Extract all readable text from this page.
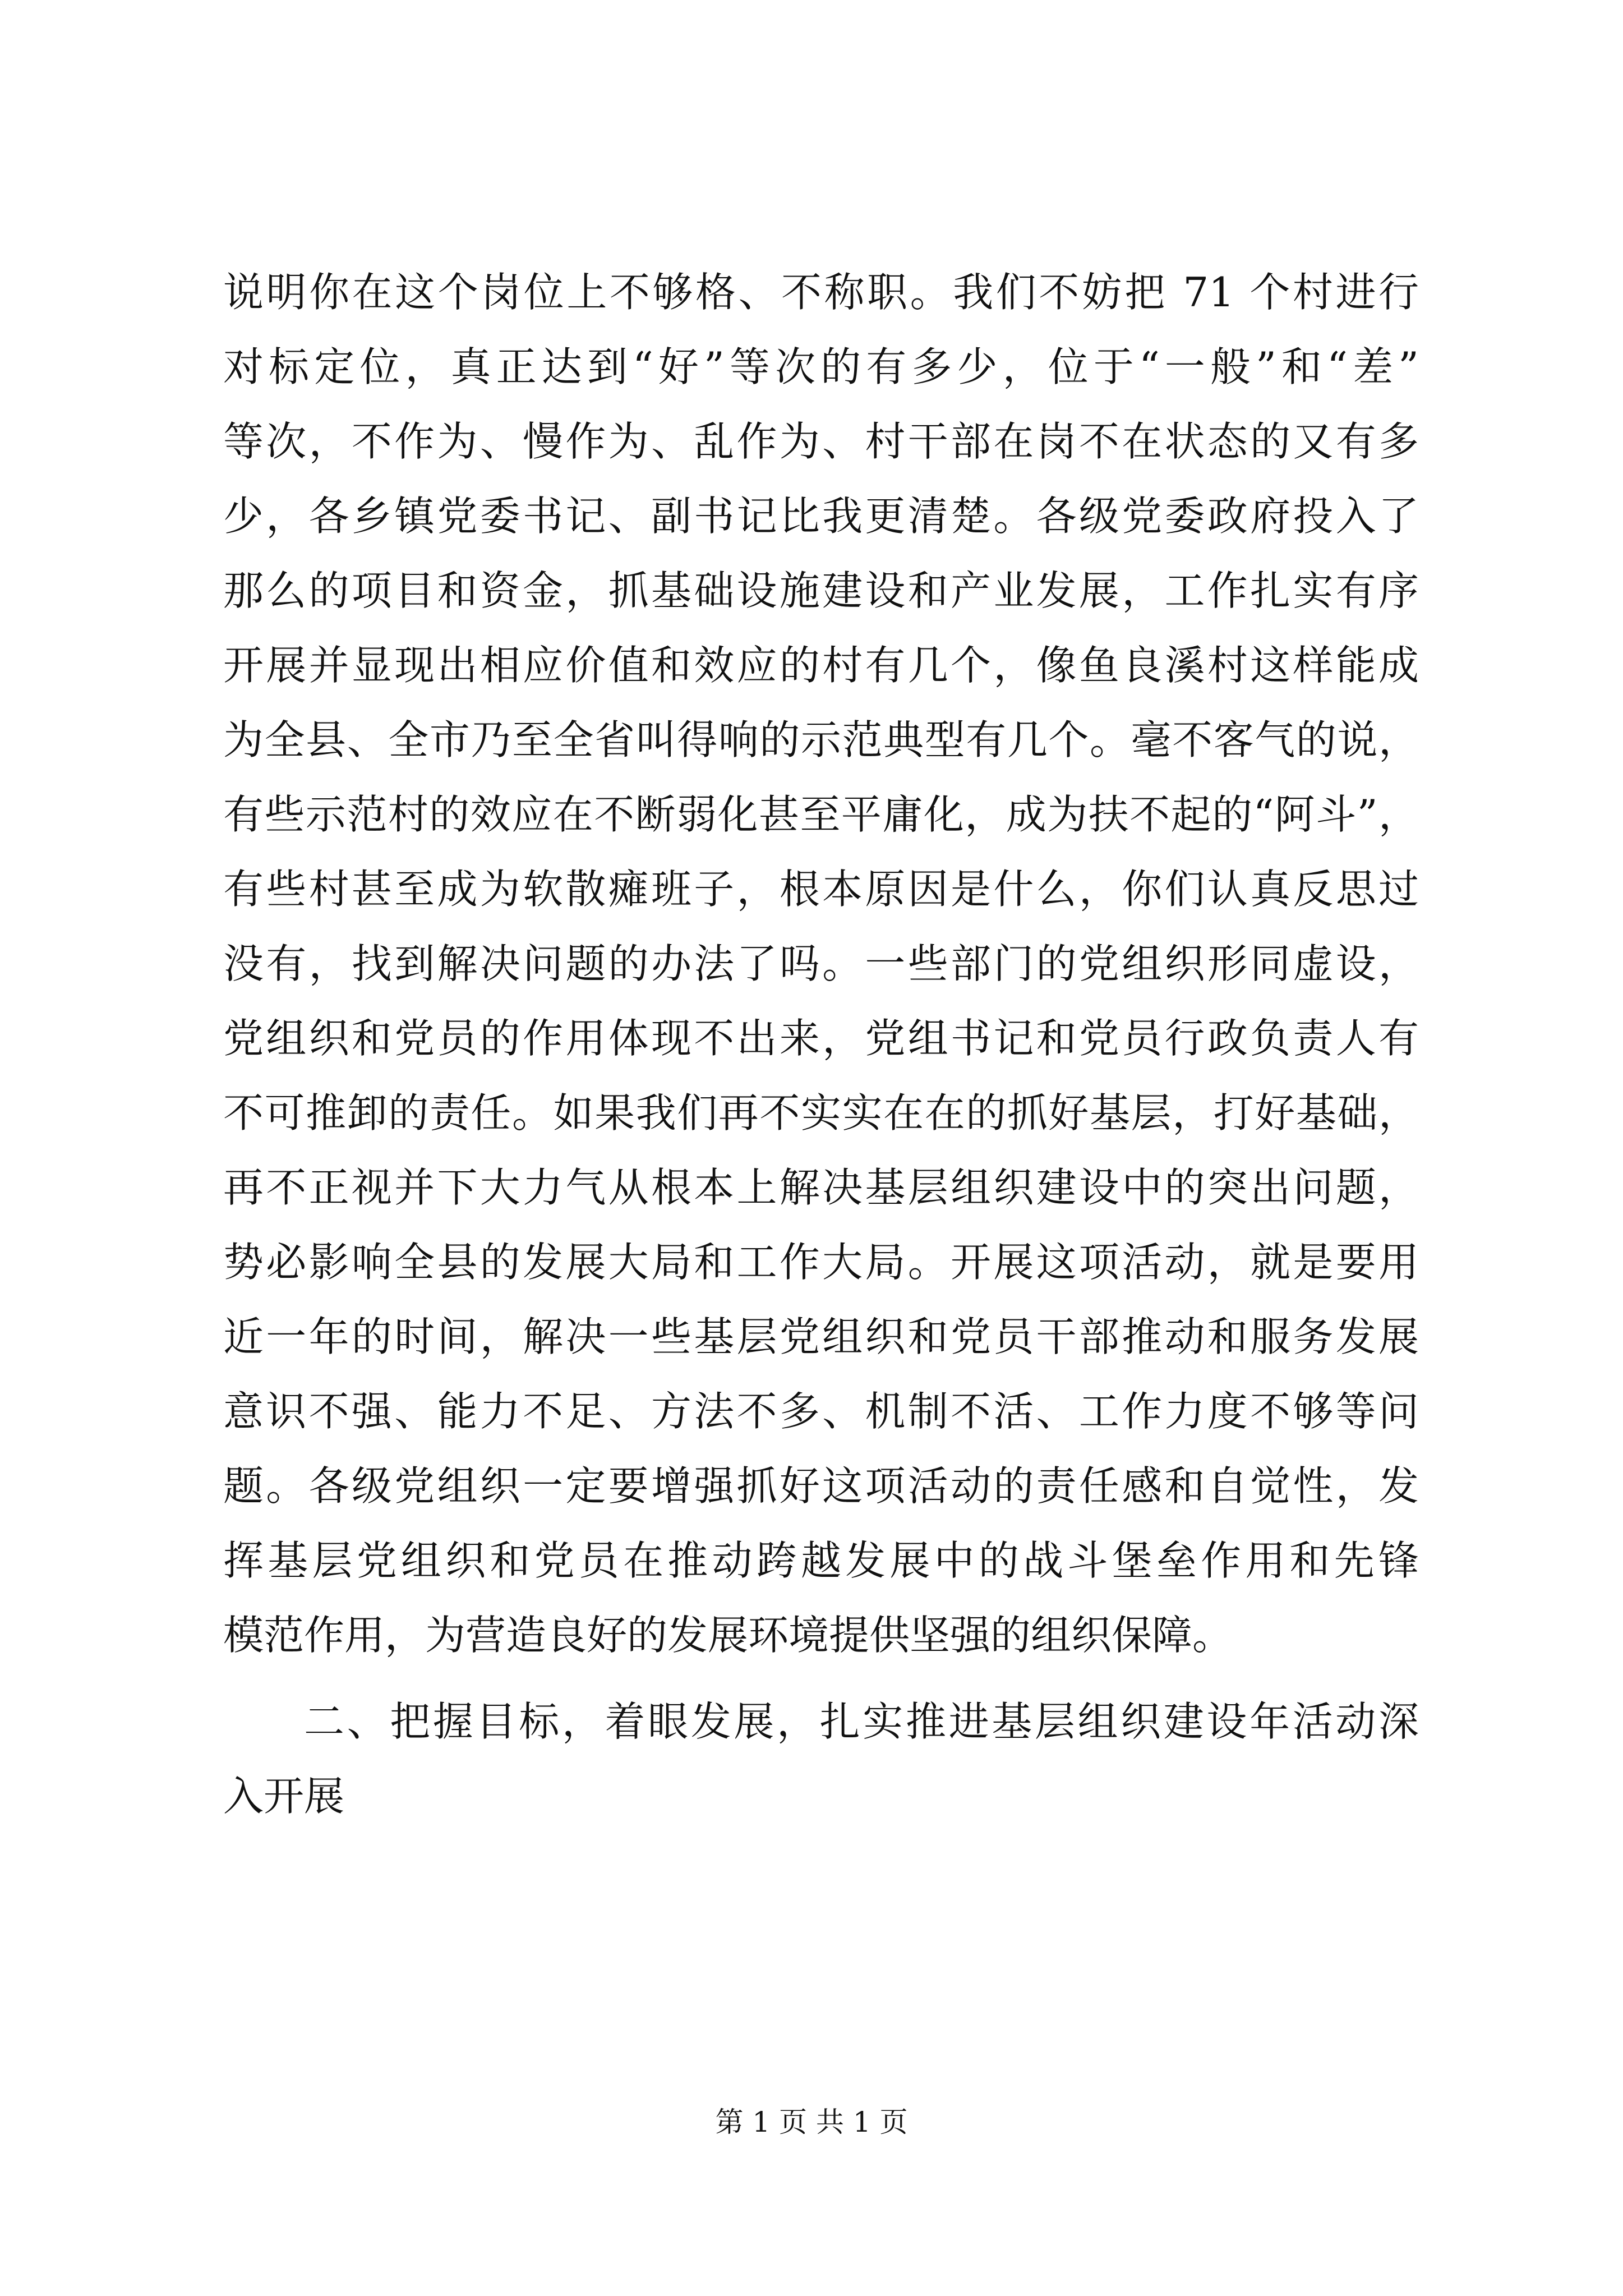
说明你在这个岗位上不够格、不称职。我们不妨把 71 个村进行
对标定位，真正达到“好”等次的有多少，位于“一般”和“差”
等次，不作为、慢作为、乱作为、村干部在岗不在状态的又有多
少，各乡镇党委书记、副书记比我更清楚。各级党委政府投入了
那么的项目和资金，抓基础设施建设和产业发展，工作扎实有序
开展并显现出相应价值和效应的村有几个，像鱼良溪村这样能成
为全县、全市乃至全省叫得响的示范典型有几个。毫不客气的说，
有些示范村的效应在不断弱化甚至平庸化，成为扶不起的“阿斗”，
有些村甚至成为软散瘫班子，根本原因是什么，你们认真反思过
没有，找到解决问题的办法了吗。一些部门的党组织形同虚设，
党组织和党员的作用体现不出来，党组书记和党员行政负责人有
不可推卸的责任。如果我们再不实实在在的抓好基层，打好基础，
再不正视并下大力气从根本上解决基层组织建设中的突出问题，
势必影响全县的发展大局和工作大局。开展这项活动，就是要用
近一年的时间，解决一些基层党组织和党员干部推动和服务发展
意识不强、能力不足、方法不多、机制不活、工作力度不够等问
题。各级党组织一定要增强抓好这项活动的责任感和自觉性，发
挥基层党组织和党员在推动跨越发展中的战斗堡垒作用和先锋
模范作用，为营造良好的发展环境提供坚强的组织保障。
二、把握目标，着眼发展，扎实推进基层组织建设年活动深
入开展
第 1 页 共 1 页
